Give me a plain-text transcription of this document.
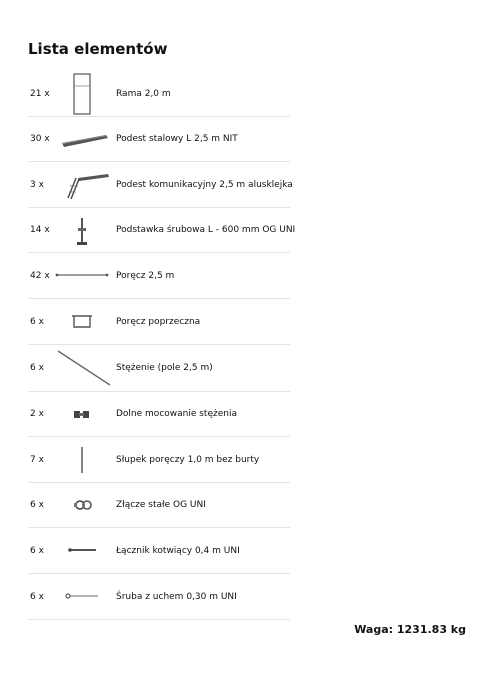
Lista elementów
21 x	Rama 2,0 m
30 x	Podest stalowy L 2,5 m NIT
3 x	Podest komunikacyjny 2,5 m alusklejka
14 x	Podstawka śrubowa L - 600 mm OG UNI
42 x	Poręcz 2,5 m
6 x	Poręcz poprzeczna
6 x	Stężenie (pole 2,5 m)
2 x	Dolne mocowanie stężenia
7 x	Słupek poręczy 1,0 m bez burty
6 x	Złącze stałe OG UNI
6 x	Łącznik kotwiący 0,4 m UNI
6 x	Śruba z uchem 0,30 m UNI
Waga: 1231.83 kg
